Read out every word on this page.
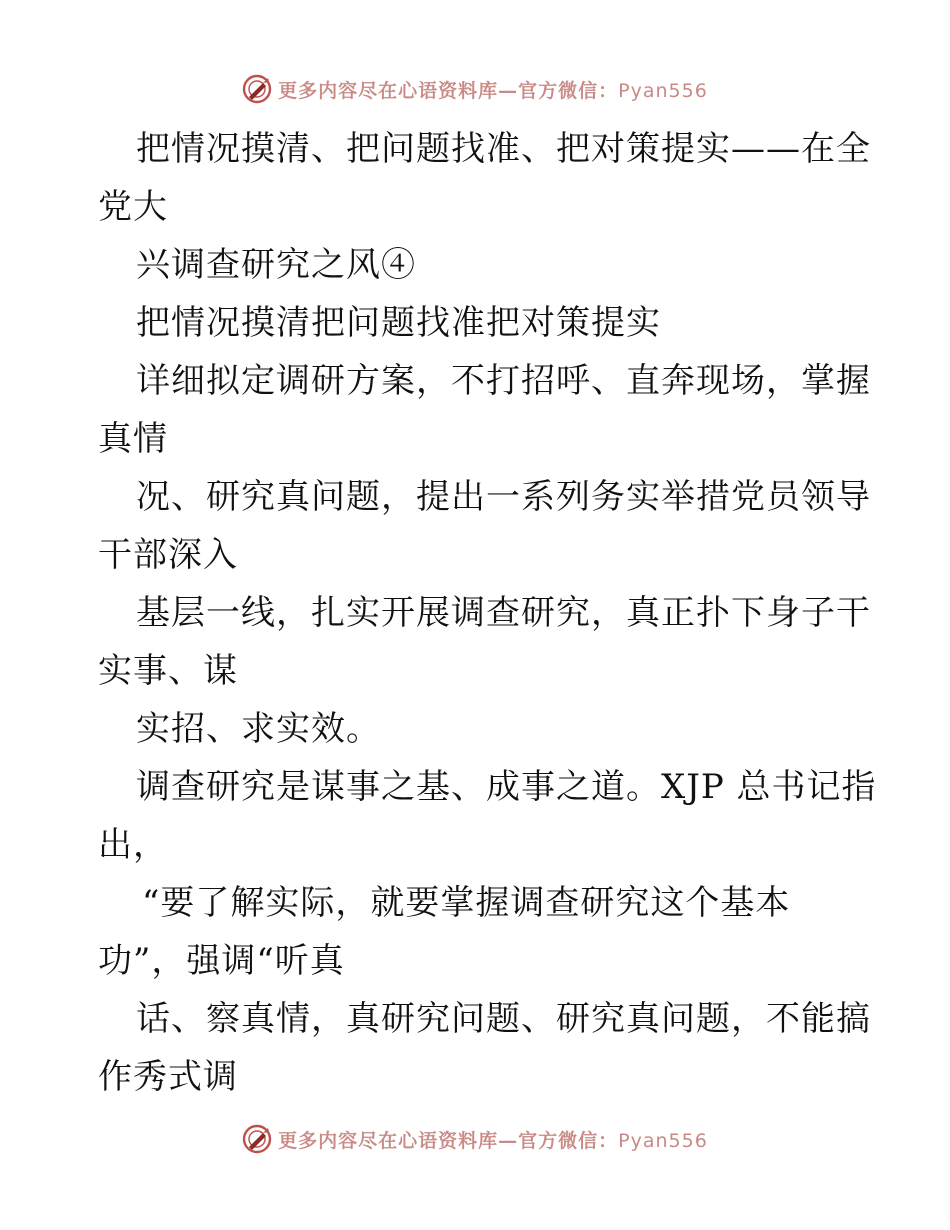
更多内容尽在心语资料库—官方微信：Pyan556
把情况摸清、把问题找准、把对策提实——在全
党大
兴调查研究之风④
把情况摸清把问题找准把对策提实
详细拟定调研方案，不打招呼、直奔现场，掌握
真情
况、研究真问题，提出一系列务实举措党员领导
干部深入
基层一线，扎实开展调查研究，真正扑下身子干
实事、谋
实招、求实效。
调查研究是谋事之基、成事之道。XJP 总书记指
出，
“要了解实际，就要掌握调查研究这个基本
功”，强调“听真
话、察真情，真研究问题、研究真问题，不能搞
作秀式调
更多内容尽在心语资料库—官方微信：Pyan556
